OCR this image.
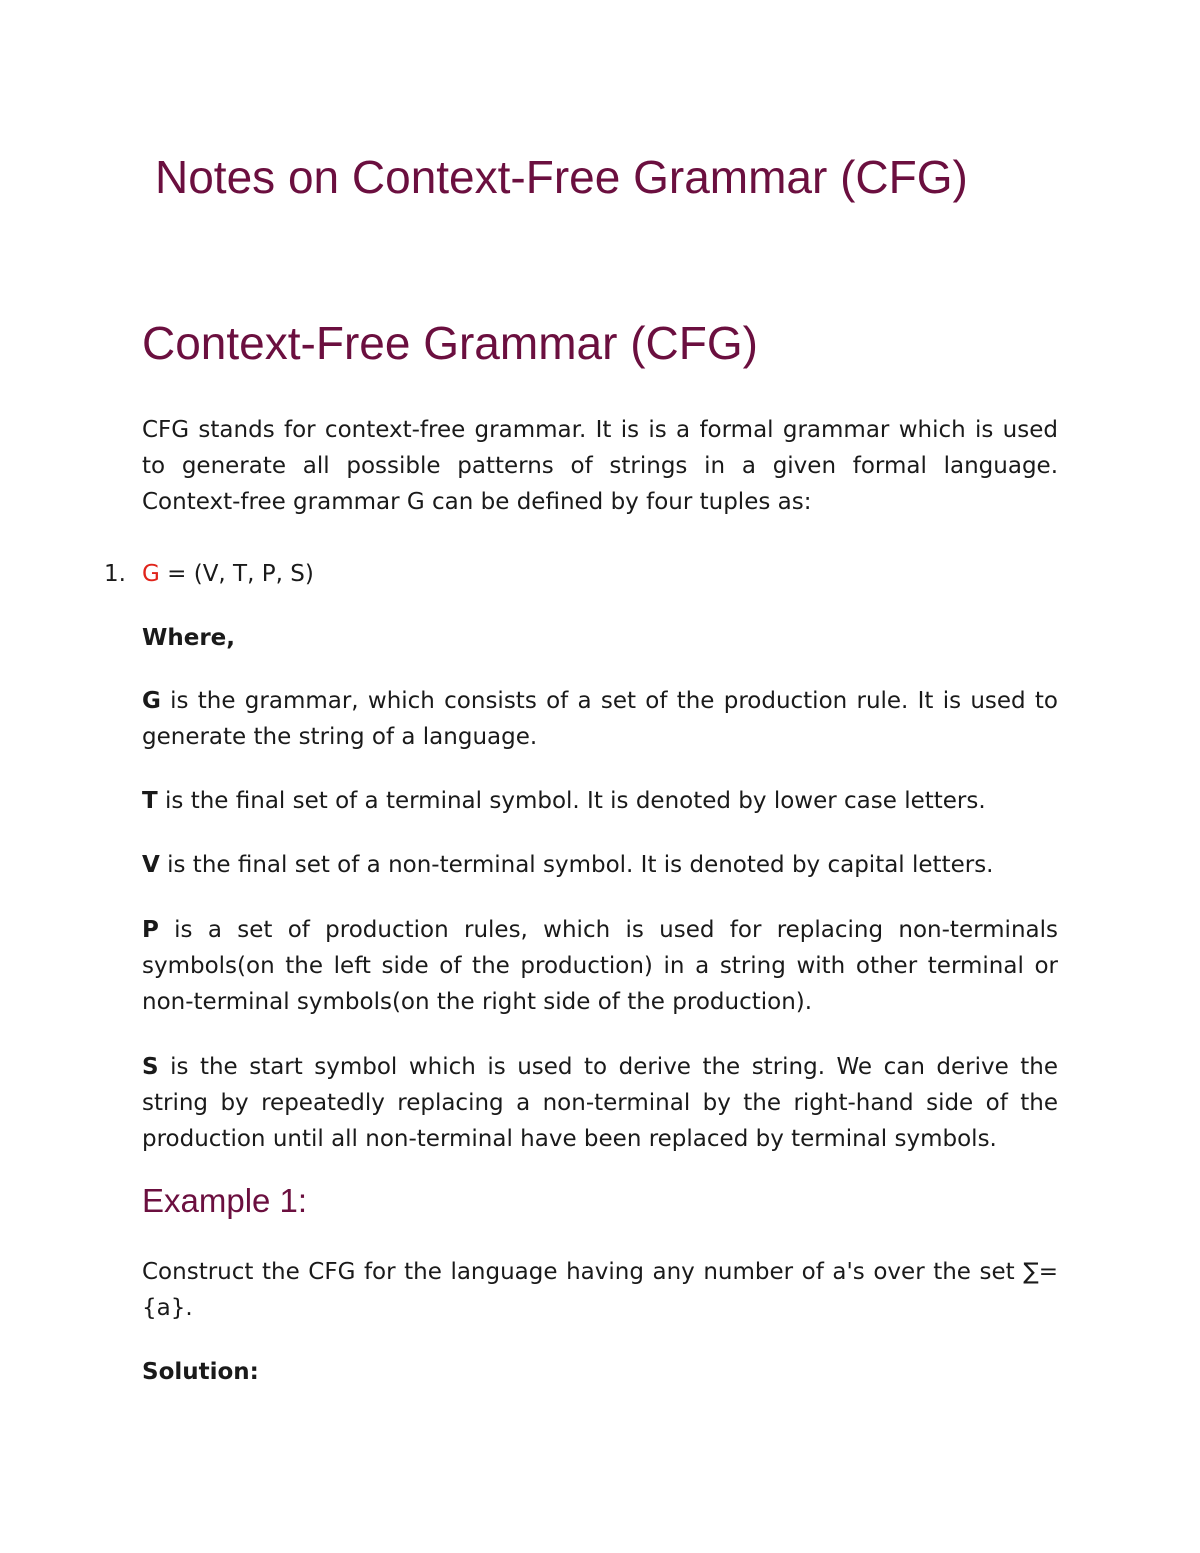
Notes on Context-Free Grammar (CFG)
Context-Free Grammar (CFG)

CFG stands for context-free grammar. It is is a formal grammar which is used to generate all possible patterns of strings in a given formal language. Context-free grammar G can be defined by four tuples as:

1. G = (V, T, P, S)

Where,

G is the grammar, which consists of a set of the production rule. It is used to generate the string of a language.

T is the final set of a terminal symbol. It is denoted by lower case letters.

V is the final set of a non-terminal symbol. It is denoted by capital letters.

P is a set of production rules, which is used for replacing non-terminals symbols(on the left side of the production) in a string with other terminal or non-terminal symbols(on the right side of the production).

S is the start symbol which is used to derive the string. We can derive the string by repeatedly replacing a non-terminal by the right-hand side of the production until all non-terminal have been replaced by terminal symbols.

Example 1:

Construct the CFG for the language having any number of a's over the set ∑= {a}.

Solution:
